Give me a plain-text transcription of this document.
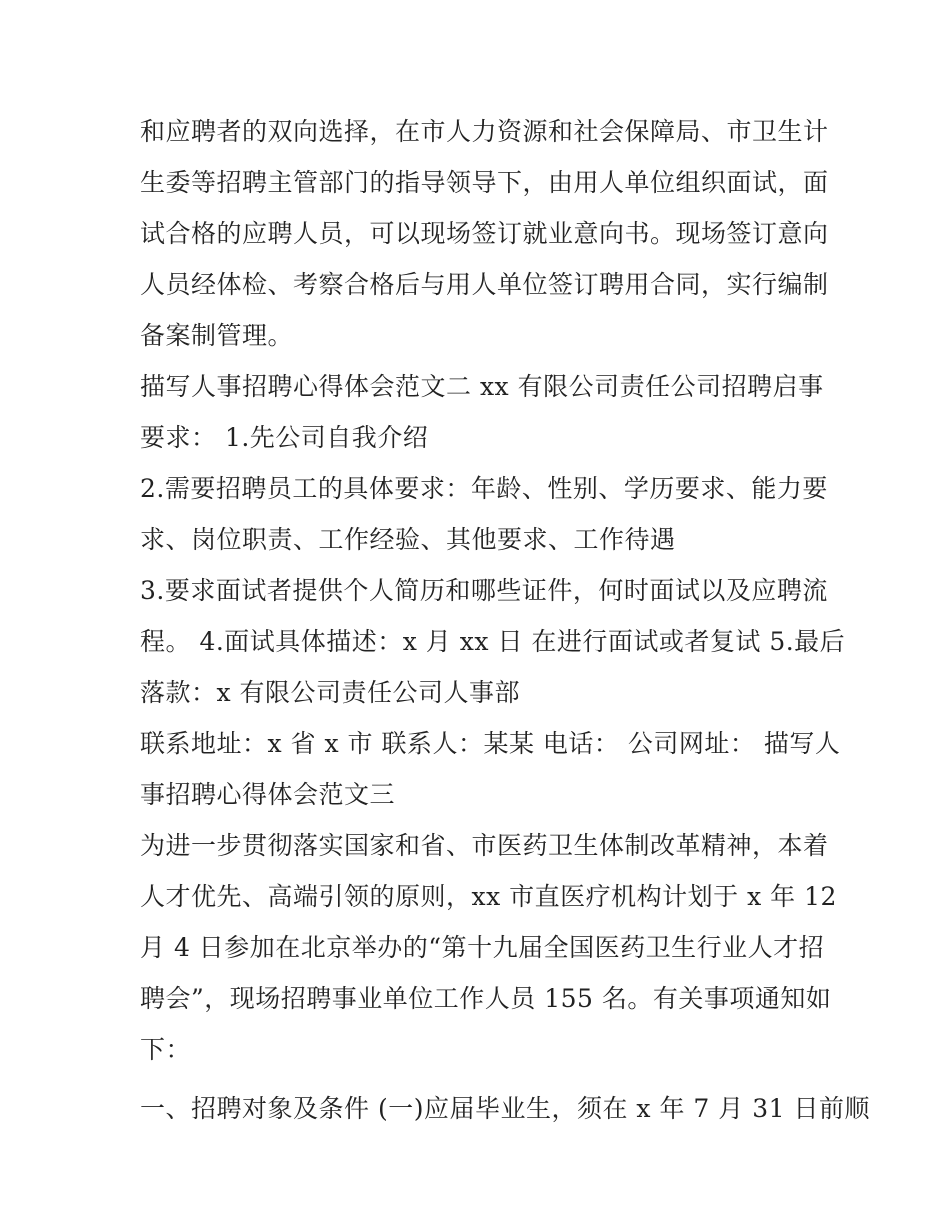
和应聘者的双向选择，在市人力资源和社会保障局、市卫生计
生委等招聘主管部门的指导领导下，由用人单位组织面试，面
试合格的应聘人员，可以现场签订就业意向书。现场签订意向
人员经体检、考察合格后与用人单位签订聘用合同，实行编制
备案制管理。
描写人事招聘心得体会范文二 xx 有限公司责任公司招聘启事
要求： 1.先公司自我介绍
2.需要招聘员工的具体要求：年龄、性别、学历要求、能力要
求、岗位职责、工作经验、其他要求、工作待遇
3.要求面试者提供个人简历和哪些证件，何时面试以及应聘流
程。 4.面试具体描述：x 月 xx 日 在进行面试或者复试 5.最后
落款：x 有限公司责任公司人事部
联系地址：x 省 x 市 联系人：某某 电话： 公司网址： 描写人
事招聘心得体会范文三
为进一步贯彻落实国家和省、市医药卫生体制改革精神，本着
人才优先、高端引领的原则，xx 市直医疗机构计划于 x 年 12
月 4 日参加在北京举办的“第十九届全国医药卫生行业人才招
聘会”，现场招聘事业单位工作人员 155 名。有关事项通知如
下：
一、招聘对象及条件 (一)应届毕业生，须在 x 年 7 月 31 日前顺
